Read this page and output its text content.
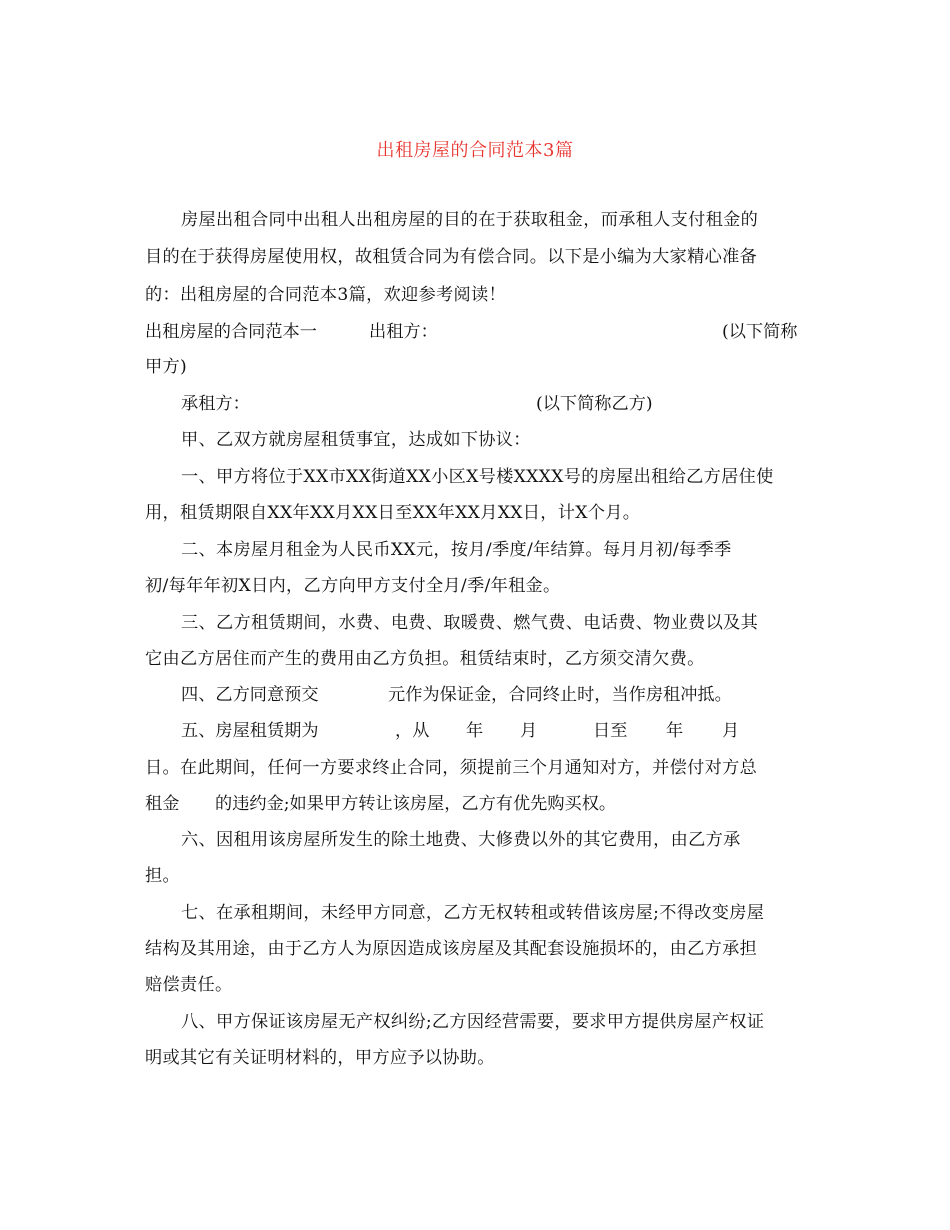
出租房屋的合同范本3篇
房屋出租合同中出租人出租房屋的目的在于获取租金，而承租人支付租金的
目的在于获得房屋使用权，故租赁合同为有偿合同。以下是小编为大家精心准备
的：出租房屋的合同范本3篇，欢迎参考阅读！
出租房屋的合同范本一	出租方：	(以下简称
甲方)
承租方：	(以下简称乙方)
甲、乙双方就房屋租赁事宜，达成如下协议：
一、甲方将位于XX市XX街道XX小区X号楼XXXX号的房屋出租给乙方居住使
用，租赁期限自XX年XX月XX日至XX年XX月XX日，计X个月。
二、本房屋月租金为人民币XX元，按月/季度/年结算。每月月初/每季季
初/每年年初X日内，乙方向甲方支付全月/季/年租金。
三、乙方租赁期间，水费、电费、取暖费、燃气费、电话费、物业费以及其
它由乙方居住而产生的费用由乙方负担。租赁结束时，乙方须交清欠费。
四、乙方同意预交	元作为保证金，合同终止时，当作房租冲抵。
五、房屋租赁期为	，从 年 月	日至 年 月
日。在此期间，任何一方要求终止合同，须提前三个月通知对方，并偿付对方总
租金 的违约金;如果甲方转让该房屋，乙方有优先购买权。
六、因租用该房屋所发生的除土地费、大修费以外的其它费用，由乙方承
担。
七、在承租期间，未经甲方同意，乙方无权转租或转借该房屋;不得改变房屋
结构及其用途，由于乙方人为原因造成该房屋及其配套设施损坏的，由乙方承担
赔偿责任。
八、甲方保证该房屋无产权纠纷;乙方因经营需要，要求甲方提供房屋产权证
明或其它有关证明材料的，甲方应予以协助。
